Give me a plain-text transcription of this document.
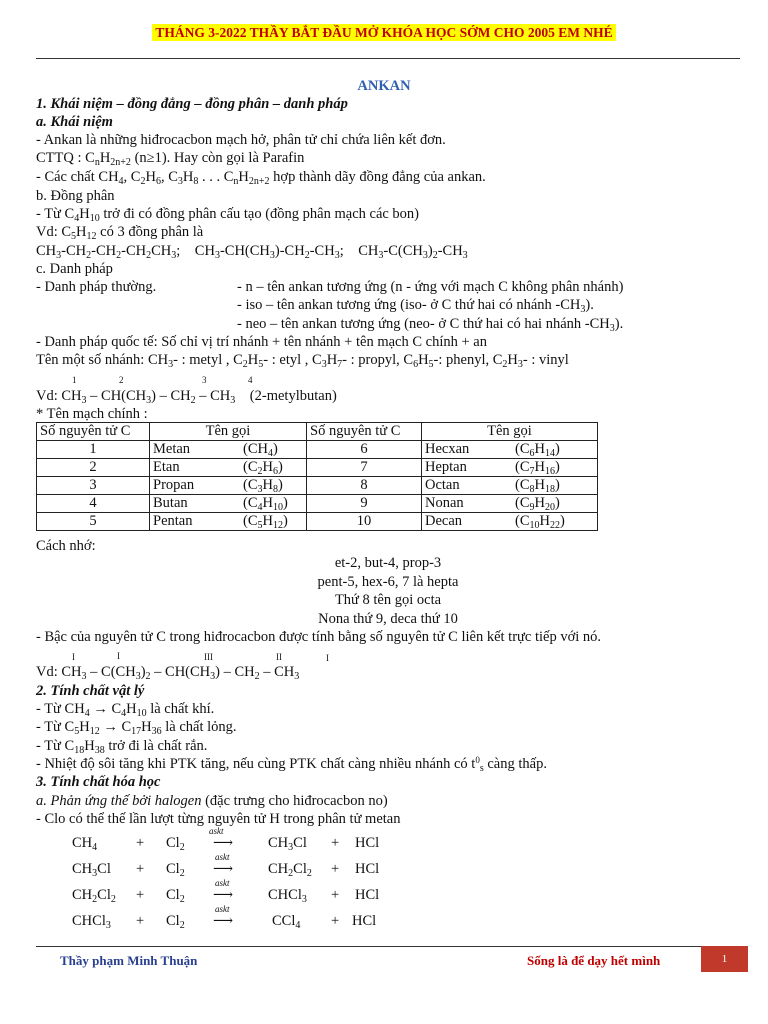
THÁNG 3-2022 THẦY BẮT ĐẦU MỞ KHÓA HỌC SỚM CHO 2005 EM NHÉ
ANKAN
1. Khái niệm – đồng đẳng – đồng phân – danh pháp
a. Khái niệm
- Ankan là những hiđrocacbon mạch hở, phân tử chỉ chứa liên kết đơn.
CTTQ : $C_nH_{2n+2}$ (n≥1). Hay còn gọi là Parafin
- Các chất $CH_4$, $C_2H_6$, $C_3H_8$ . . . $C_nH_{2n+2}$ hợp thành dãy đồng đẳng của ankan.
b. Đồng phân
- Từ $C_4H_{10}$ trở đi có đồng phân cấu tạo (đồng phân mạch các bon)
Vd: $C_5H_{12}$ có 3 đồng phân là
$CH_3-CH_2-CH_2-CH_2CH_3$;    $CH_3-CH(CH_3)-CH_2-CH_3$;    $CH_3-C(CH_3)_2-CH_3$
c. Danh pháp
- Danh pháp thường.	- n – tên ankan tương ứng (n - ứng với mạch C không phân nhánh)
- iso – tên ankan tương ứng (iso- ở C thứ hai có nhánh $-CH_3$).
- neo – tên ankan tương ứng (neo- ở C thứ hai có hai nhánh $-CH_3$).
- Danh pháp quốc tế: Số chỉ vị trí nhánh + tên nhánh + tên mạch C chính + an
Tên một số nhánh: $CH_3-$ : metyl , $C_2H_5-$ : etyl , $C_3H_7-$ : propyl, $C_6H_5-$: phenyl, $C_2H_3-$ : vinyl
1	2	3	4
Vd: $CH_3 - CH(CH_3) - CH_2 - CH_3$    (2-metylbutan)
* Tên mạch chính :
Số nguyên tử C	Tên gọi	Số nguyên tử C	Tên gọi
1	Metan $(CH_4)$	6	Hecxan $(C_6H_{14})$
2	Etan $(C_2H_6)$	7	Heptan $(C_7H_{16})$
3	Propan $(C_3H_8)$	8	Octan $(C_8H_{18})$
4	Butan $(C_4H_{10})$	9	Nonan $(C_9H_{20})$
5	Pentan $(C_5H_{12})$	10	Decan $(C_{10}H_{22})$
Cách nhớ:
et-2, but-4, prop-3
pent-5, hex-6, 7 là hepta
Thứ 8 tên gọi octa
Nona thứ 9, deca thứ 10
- Bậc của nguyên tử C trong hiđrocacbon được tính bằng số nguyên tử C liên kết trực tiếp với nó.
I	I	III	II	I
Vd: $CH_3 - C(CH_3)_2 - CH(CH_3) - CH_2 - CH_3$
2. Tính chất vật lý
- Từ $CH_4 \to C_4H_{10}$ là chất khí.
- Từ $C_5H_{12} \to C_{17}H_{36}$ là chất lỏng.
- Từ $C_{18}H_{38}$ trở đi là chất rắn.
- Nhiệt độ sôi tăng khi PTK tăng, nếu cùng PTK chất càng nhiều nhánh có $t^0_s$ càng thấp.
3. Tính chất hóa học
a. Phản ứng thế bởi halogen (đặc trưng cho hiđrocacbon no)
- Clo có thể thế lần lượt từng nguyên tử H trong phân tử metan
$CH_4$	+ $Cl_2$
askt
⟶ $CH_3Cl$ + HCl
$CH_3Cl + Cl_2$
askt
⟶ $CH_2Cl_2$ + HCl
$CH_2Cl_2 + Cl_2$
askt
⟶ CHCl$_3$ + HCl
CHCl$_3$ + $Cl_2$
askt
⟶	CCl$_4$ + HCl
Thầy phạm Minh Thuận	Sống là để dạy hết mình	1
